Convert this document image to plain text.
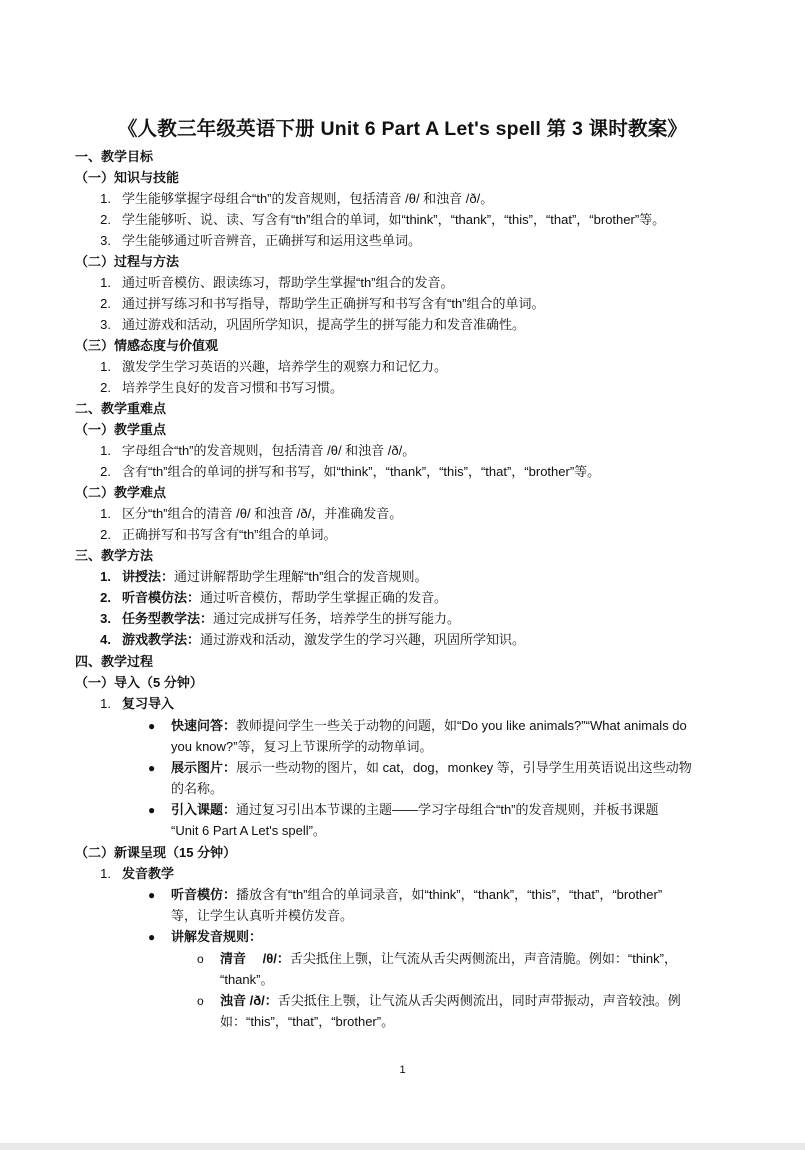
《人教三年级英语下册 Unit 6 Part A Let's spell 第 3 课时教案》
一、教学目标
（一）知识与技能
1. 学生能够掌握字母组合“th”的发音规则，包括清音 /θ/ 和浊音 /ð/。
2. 学生能够听、说、读、写含有“th”组合的单词，如“think”，“thank”，“this”，“that”，“brother”等。
3. 学生能够通过听音辨音，正确拼写和运用这些单词。
（二）过程与方法
1. 通过听音模仿、跟读练习，帮助学生掌握“th”组合的发音。
2. 通过拼写练习和书写指导，帮助学生正确拼写和书写含有“th”组合的单词。
3. 通过游戏和活动，巩固所学知识，提高学生的拼写能力和发音准确性。
（三）情感态度与价值观
1. 激发学生学习英语的兴趣，培养学生的观察力和记忆力。
2. 培养学生良好的发音习惯和书写习惯。
二、教学重难点
（一）教学重点
1. 字母组合“th”的发音规则，包括清音 /θ/ 和浊音 /ð/。
2. 含有“th”组合的单词的拼写和书写，如“think”，“thank”，“this”，“that”，“brother”等。
（二）教学难点
1. 区分“th”组合的清音 /θ/ 和浊音 /ð/，并准确发音。
2. 正确拼写和书写含有“th”组合的单词。
三、教学方法
1. 讲授法：通过讲解帮助学生理解“th”组合的发音规则。
2. 听音模仿法：通过听音模仿，帮助学生掌握正确的发音。
3. 任务型教学法：通过完成拼写任务，培养学生的拼写能力。
4. 游戏教学法：通过游戏和活动，激发学生的学习兴趣，巩固所学知识。
四、教学过程
（一）导入（5 分钟）
1. 复习导入
● 快速问答：教师提问学生一些关于动物的问题，如“Do you like animals?”“What animals do
you know?”等，复习上节课所学的动物单词。
● 展示图片：展示一些动物的图片，如 cat，dog，monkey 等，引导学生用英语说出这些动物
的名称。
● 引入课题：通过复习引出本节课的主题——学习字母组合“th”的发音规则，并板书课题
“Unit 6 Part A Let's spell”。
（二）新课呈现（15 分钟）
1. 发音教学
● 听音模仿：播放含有“th”组合的单词录音，如“think”，“thank”，“this”，“that”，“brother”
等，让学生认真听并模仿发音。
● 讲解发音规则：
o 清音　 /θ/：舌尖抵住上颚，让气流从舌尖两侧流出，声音清脆。例如：“think”，
“thank”。
o 浊音 /ð/：舌尖抵住上颚，让气流从舌尖两侧流出，同时声带振动，声音较浊。例
如：“this”，“that”，“brother”。
1
